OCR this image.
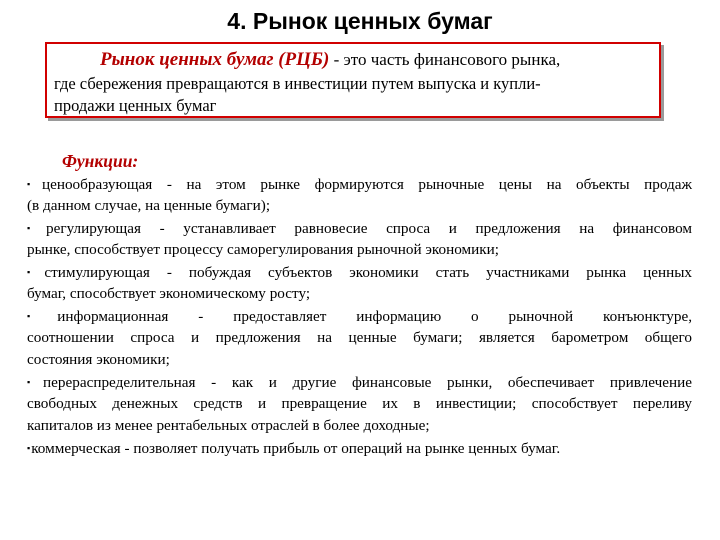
4. Рынок ценных бумаг
Рынок ценных бумаг (РЦБ) - это часть финансового рынка,
где сбережения превращаются в инвестиции путем выпуска и купли-
продажи ценных бумаг
Функции:
▪ценообразующая - на этом рынке формируются рыночные цены на объекты продаж
(в данном случае, на ценные бумаги);
▪регулирующая - устанавливает равновесие спроса и предложения на финансовом
рынке, способствует процессу саморегулирования рыночной экономики;
▪стимулирующая - побуждая субъектов экономики стать участниками рынка ценных
бумаг, способствует экономическому росту;
▪информационная - предоставляет информацию о рыночной конъюнктуре,
соотношении спроса и предложения на ценные бумаги; является барометром общего
состояния экономики;
▪перераспределительная - как и другие финансовые рынки, обеспечивает привлечение
свободных денежных средств и превращение их в инвестиции; способствует переливу
капиталов из менее рентабельных отраслей в более доходные;
▪коммерческая - позволяет получать прибыль от операций на рынке ценных бумаг.
